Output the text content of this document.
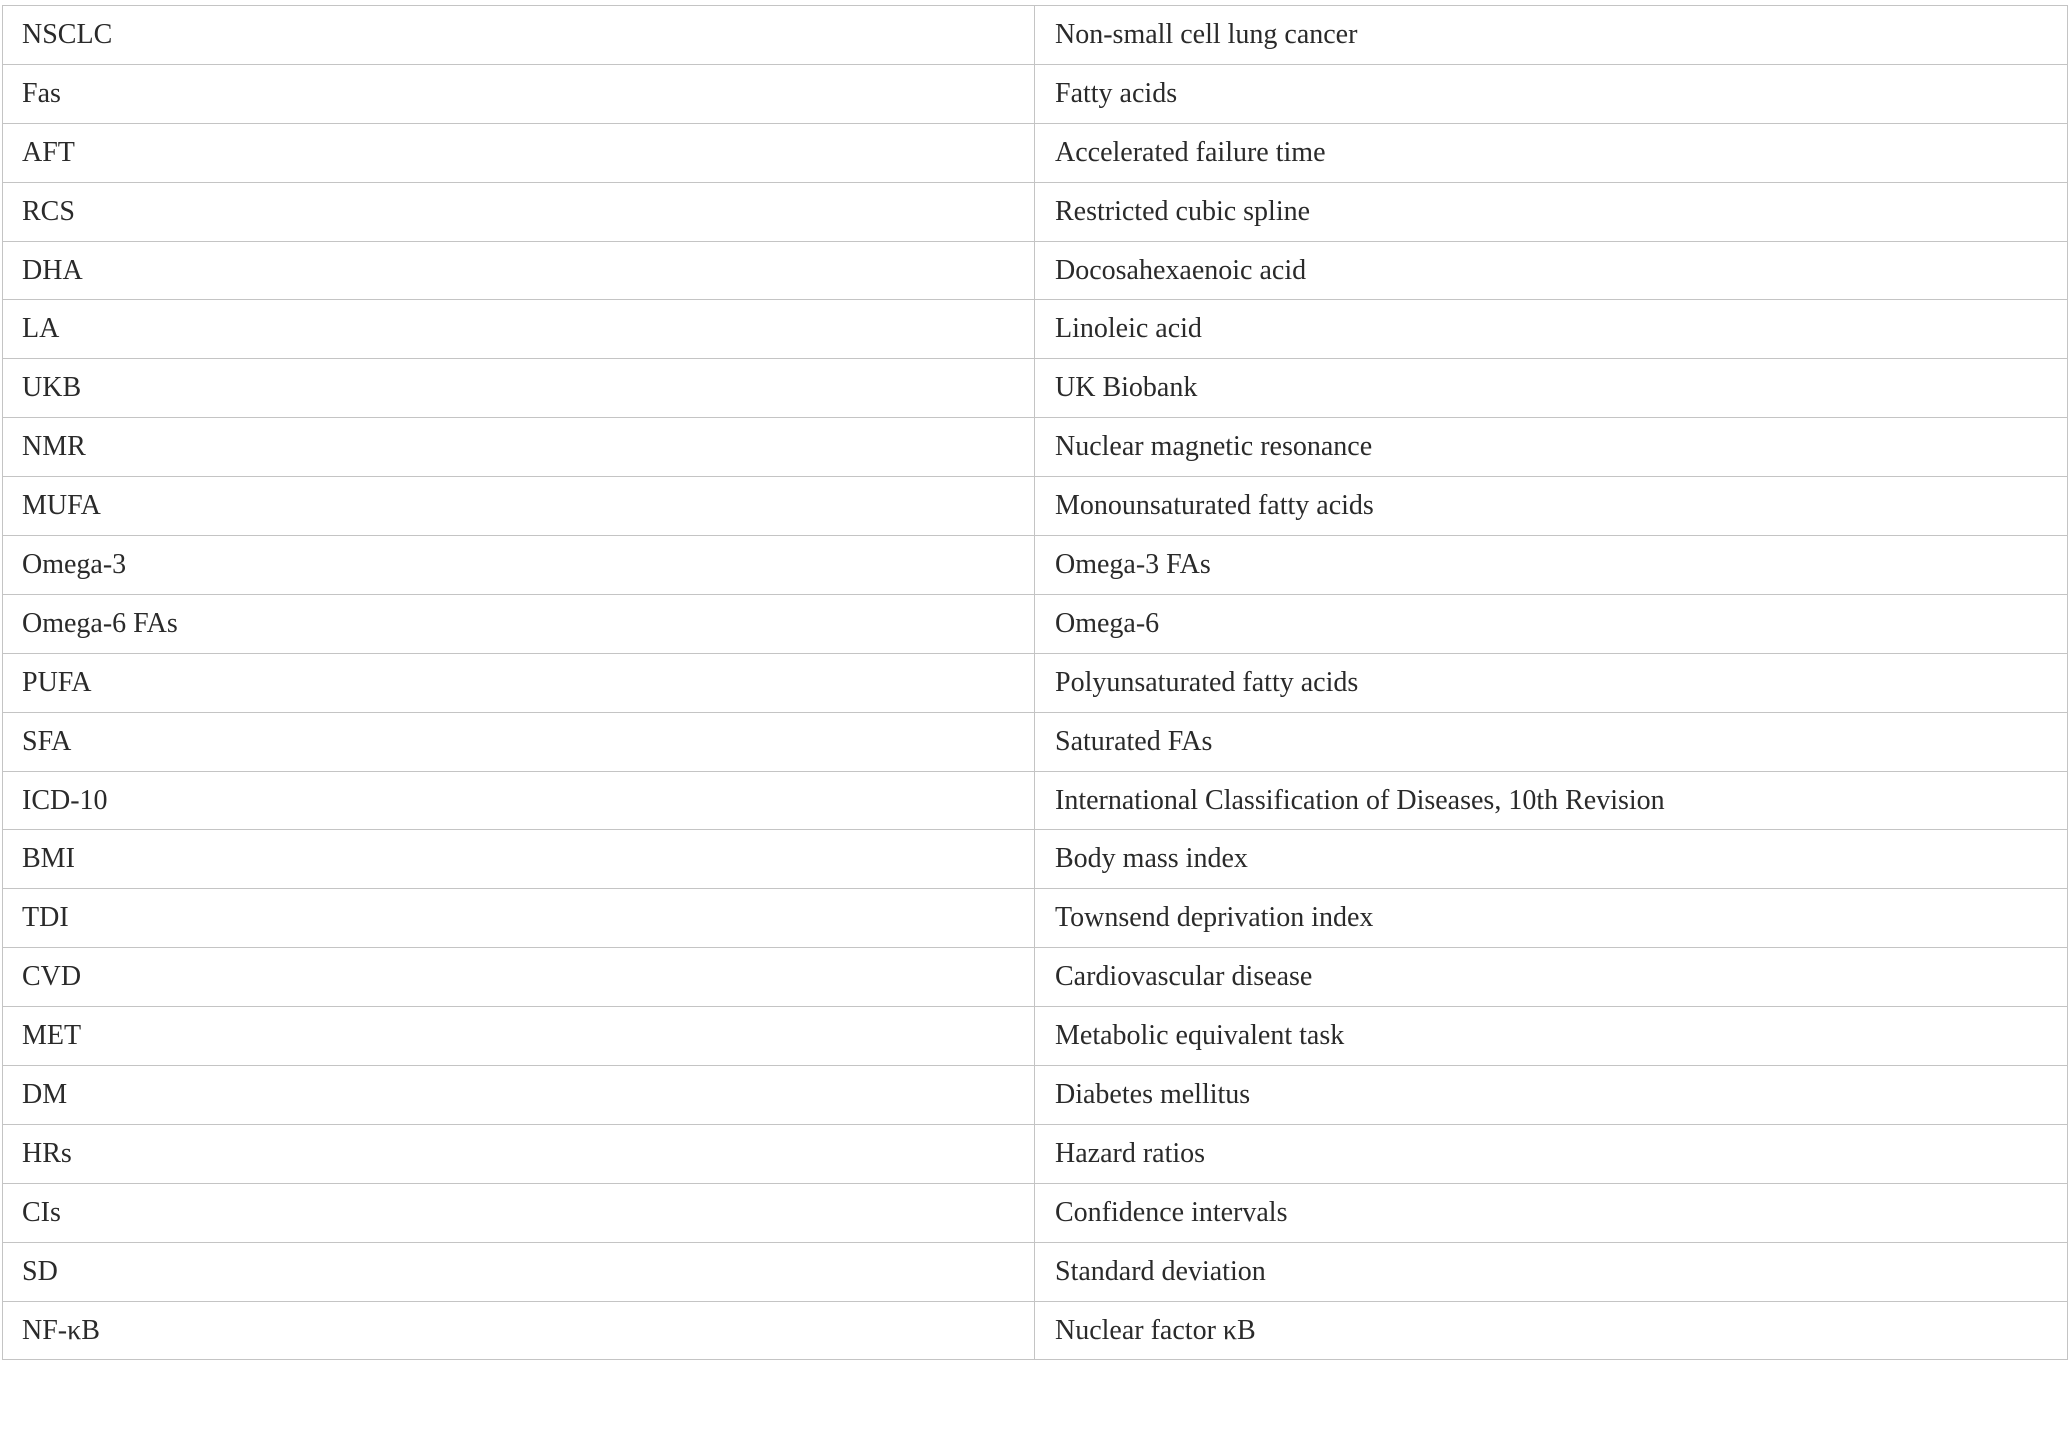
NSCLC	Non-small cell lung cancer
Fas	Fatty acids
AFT	Accelerated failure time
RCS	Restricted cubic spline
DHA	Docosahexaenoic acid
LA	Linoleic acid
UKB	UK Biobank
NMR	Nuclear magnetic resonance
MUFA	Monounsaturated fatty acids
Omega-3	Omega-3 FAs
Omega-6 FAs	Omega-6
PUFA	Polyunsaturated fatty acids
SFA	Saturated FAs
ICD-10	International Classification of Diseases, 10th Revision
BMI	Body mass index
TDI	Townsend deprivation index
CVD	Cardiovascular disease
MET	Metabolic equivalent task
DM	Diabetes mellitus
HRs	Hazard ratios
CIs	Confidence intervals
SD	Standard deviation
NF-κB	Nuclear factor κB
